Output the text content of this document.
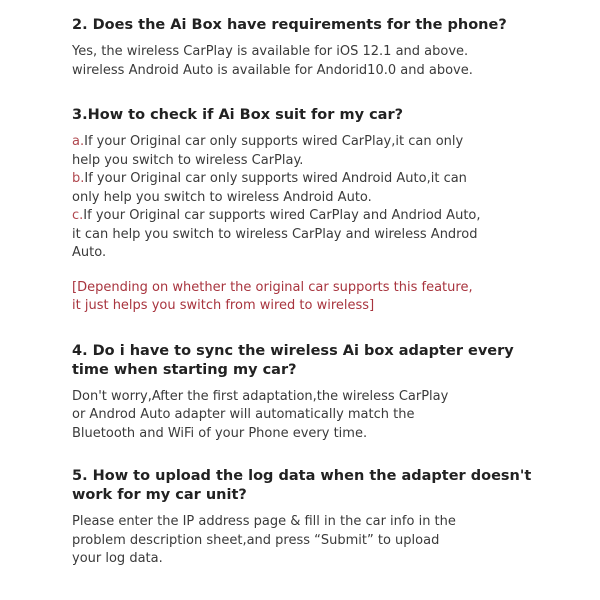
2. Does the Ai Box have requirements for the phone?
Yes, the wireless CarPlay is available for iOS 12.1 and above.
wireless Android Auto is available for Andorid10.0 and above.
3.How to check if Ai Box suit for my car?
a.If your Original car only supports wired CarPlay,it can only
help you switch to wireless CarPlay.
b.If your Original car only supports wired Android Auto,it can
only help you switch to wireless Android Auto.
c.If your Original car supports wired CarPlay and Andriod Auto,
it can help you switch to wireless CarPlay and wireless Androd
Auto.
[Depending on whether the original car supports this feature,
it just helps you switch from wired to wireless]
4. Do i have to sync the wireless Ai box adapter every
time when starting my car?
Don't worry,After the first adaptation,the wireless CarPlay
or Androd Auto adapter will automatically match the
Bluetooth and WiFi of your Phone every time.
5. How to upload the log data when the adapter doesn't
work for my car unit?
Please enter the IP address page & fill in the car info in the
problem description sheet,and press “Submit” to upload
your log data.
